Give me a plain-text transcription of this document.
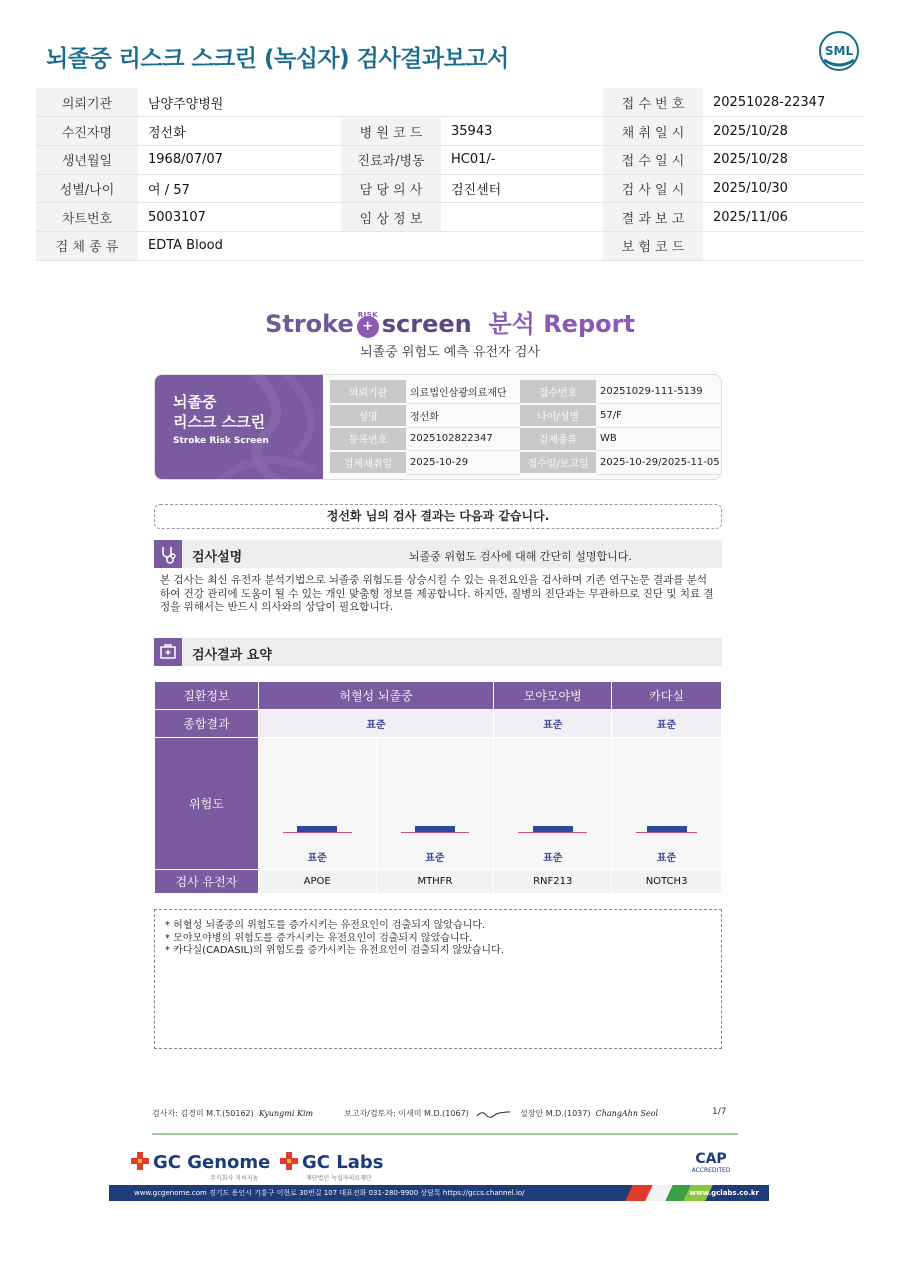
뇌졸중 리스크 스크린 (녹십자) 검사결과보고서	SML
의뢰기관	남양주양병원			접 수 번 호	20251028-22347
수진자명	정선화	병 원 코 드	35943	채 취 일 시	2025/10/28
생년월일	1968/07/07	진료과/병동	HC01/-	접 수 일 시	2025/10/28
성별/나이	여 / 57	담 당 의 사	검진센터	검 사 일 시	2025/10/30
차트번호	5003107	임 상 정 보		결 과 보 고	2025/11/06
검 체 종 류	EDTA Blood			보 험 코 드	
Stroke RISK
+ screen 분석 Report
뇌졸중 위험도 예측 유전자 검사
뇌졸중
리스크 스크린
Stroke Risk Screen
의뢰기관	의료법인삼광의료재단	접수번호	20251029-111-5139
성명	정선화	나이/성별	57/F
등록번호	2025102822347	검체종류	WB
검체채취일	2025-10-29	접수일/보고일	2025-10-29/2025-11-05
정선화 님의 검사 결과는 다음과 같습니다.
검사설명	뇌졸중 위험도 검사에 대해 간단히 설명합니다.
본 검사는 최신 유전자 분석기법으로 뇌졸중 위험도를 상승시킬 수 있는 유전요인을 검사하며 기존 연구논문 결과를 분석하여 건강 관리에 도움이 될 수 있는 개인 맞춤형 정보를 제공합니다. 하지만, 질병의 진단과는 무관하므로 진단 및 치료 결정을 위해서는 반드시 의사와의 상담이 필요합니다.
검사결과 요약
질환정보	허혈성 뇌졸중		모야모야병	카다실
종합결과	표준		표준	표준
위험도	표준	표준	표준	표준

검사 유전자	APOE	MTHFR	RNF213	NOTCH3
* 허혈성 뇌졸중의 위험도를 증가시키는 유전요인이 검출되지 않았습니다.
* 모야모야병의 위험도를 증가시키는 유전요인이 검출되지 않았습니다.
* 카다실(CADASIL)의 위험도를 증가시키는 유전요인이 검출되지 않았습니다.
검사자: 김경미 M.T.(50162) Kyungmi Kim	보고자/검토자: 이새미 M.D.(1067)	설장안 M.D.(1037) ChangAhn Seol	1/7
GC Genome
주식회사 지씨지놈
GC Labs
재단법인 녹십자의료재단
CAP
ACCREDITED
www.gcgenome.com 경기도 용인시 기흥구 이현로 30번길 107 대표전화 031-280-9900 상담톡 https://gccs.channel.io/	www.gclabs.co.kr
